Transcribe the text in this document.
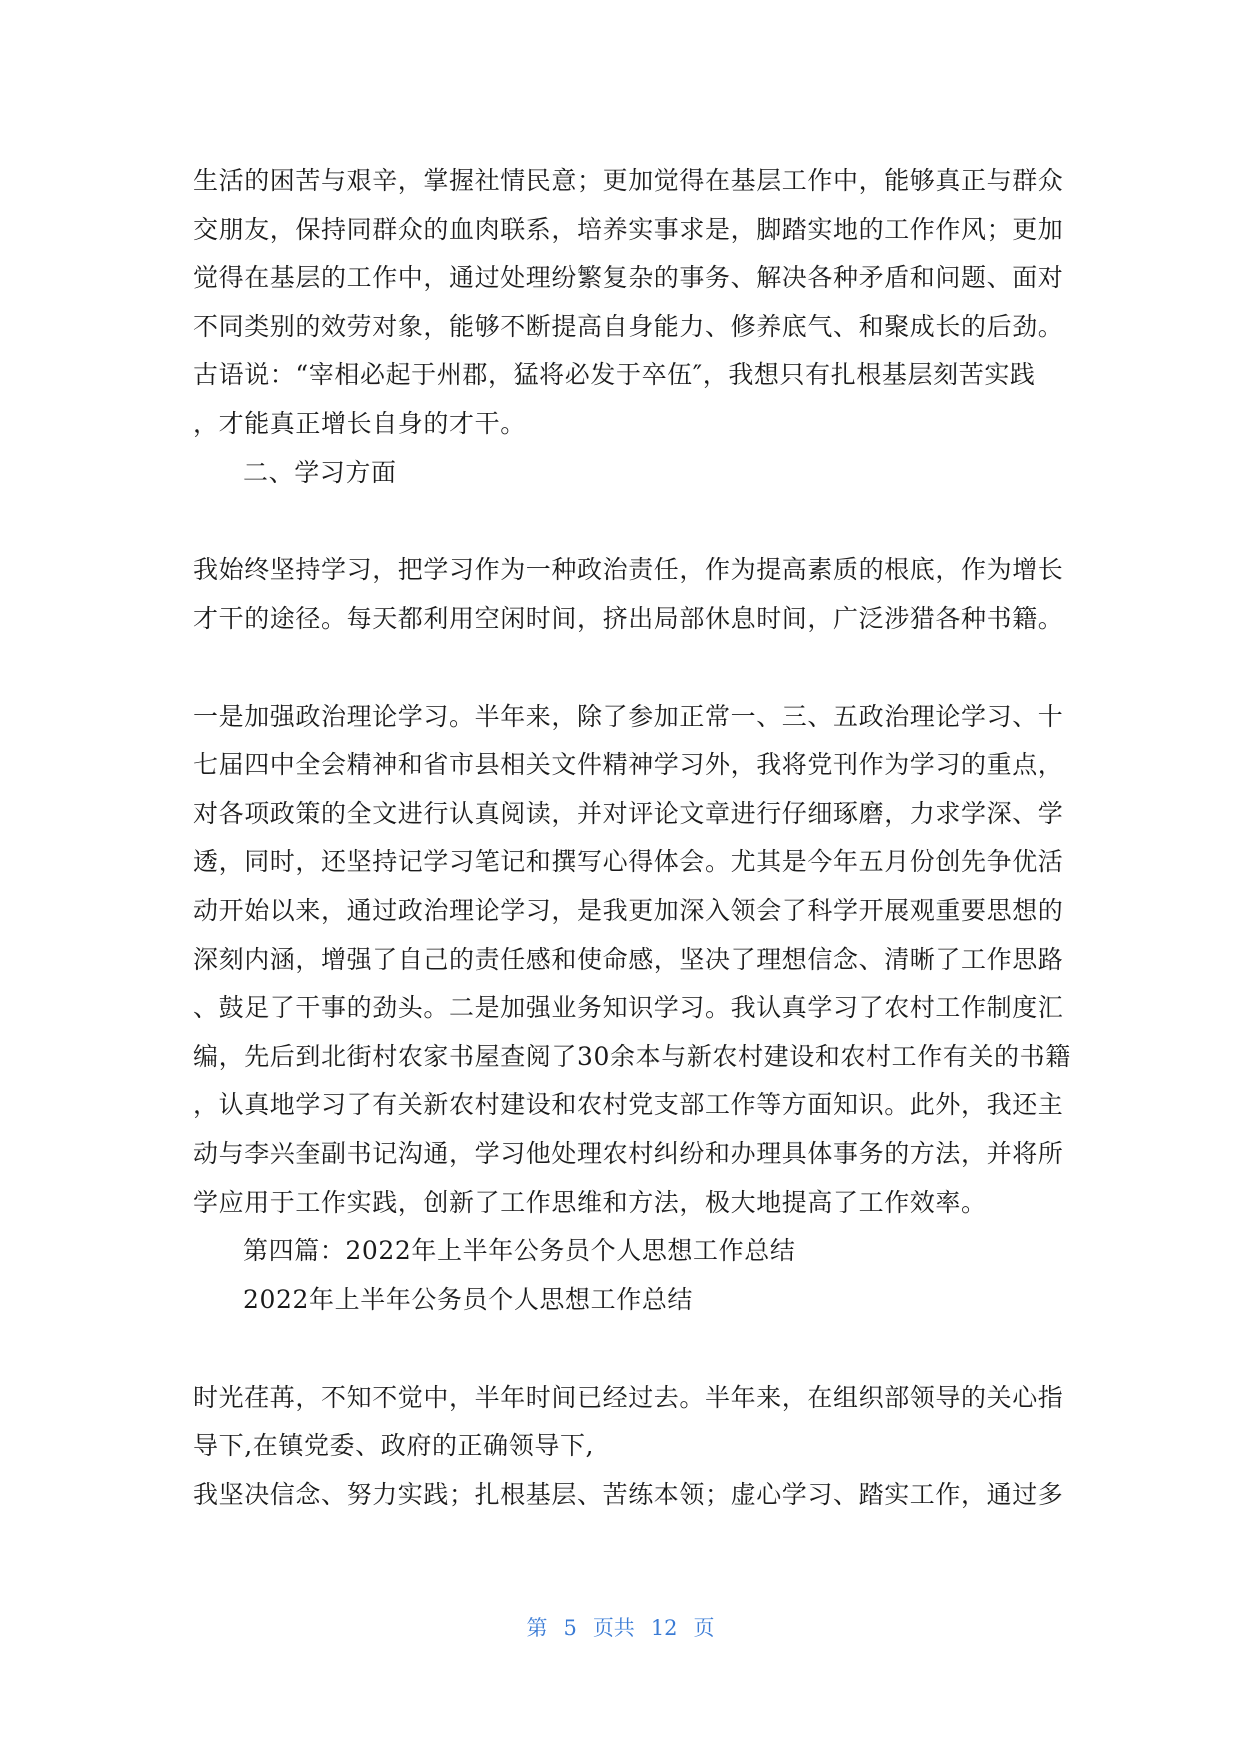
生活的困苦与艰辛，掌握社情民意；更加觉得在基层工作中，能够真正与群众
交朋友，保持同群众的血肉联系，培养实事求是，脚踏实地的工作作风；更加
觉得在基层的工作中，通过处理纷繁复杂的事务、解决各种矛盾和问题、面对
不同类别的效劳对象，能够不断提高自身能力、修养底气、和聚成长的后劲。
古语说：“宰相必起于州郡，猛将必发于卒伍″，我想只有扎根基层刻苦实践
，才能真正增长自身的才干。
二、学习方面
我始终坚持学习，把学习作为一种政治责任，作为提高素质的根底，作为增长
才干的途径。每天都利用空闲时间，挤出局部休息时间，广泛涉猎各种书籍。
一是加强政治理论学习。半年来，除了参加正常一、三、五政治理论学习、十
七届四中全会精神和省市县相关文件精神学习外，我将党刊作为学习的重点，
对各项政策的全文进行认真阅读，并对评论文章进行仔细琢磨，力求学深、学
透，同时，还坚持记学习笔记和撰写心得体会。尤其是今年五月份创先争优活
动开始以来，通过政治理论学习，是我更加深入领会了科学开展观重要思想的
深刻内涵，增强了自己的责任感和使命感，坚决了理想信念、清晰了工作思路
、鼓足了干事的劲头。二是加强业务知识学习。我认真学习了农村工作制度汇
编，先后到北街村农家书屋查阅了30余本与新农村建设和农村工作有关的书籍
，认真地学习了有关新农村建设和农村党支部工作等方面知识。此外，我还主
动与李兴奎副书记沟通，学习他处理农村纠纷和办理具体事务的方法，并将所
学应用于工作实践，创新了工作思维和方法，极大地提高了工作效率。
第四篇：2022年上半年公务员个人思想工作总结
2022年上半年公务员个人思想工作总结
时光荏苒，不知不觉中，半年时间已经过去。半年来，在组织部领导的关心指
导下,在镇党委、政府的正确领导下,
我坚决信念、努力实践；扎根基层、苦练本领；虚心学习、踏实工作，通过多
第 5 页共 12 页
